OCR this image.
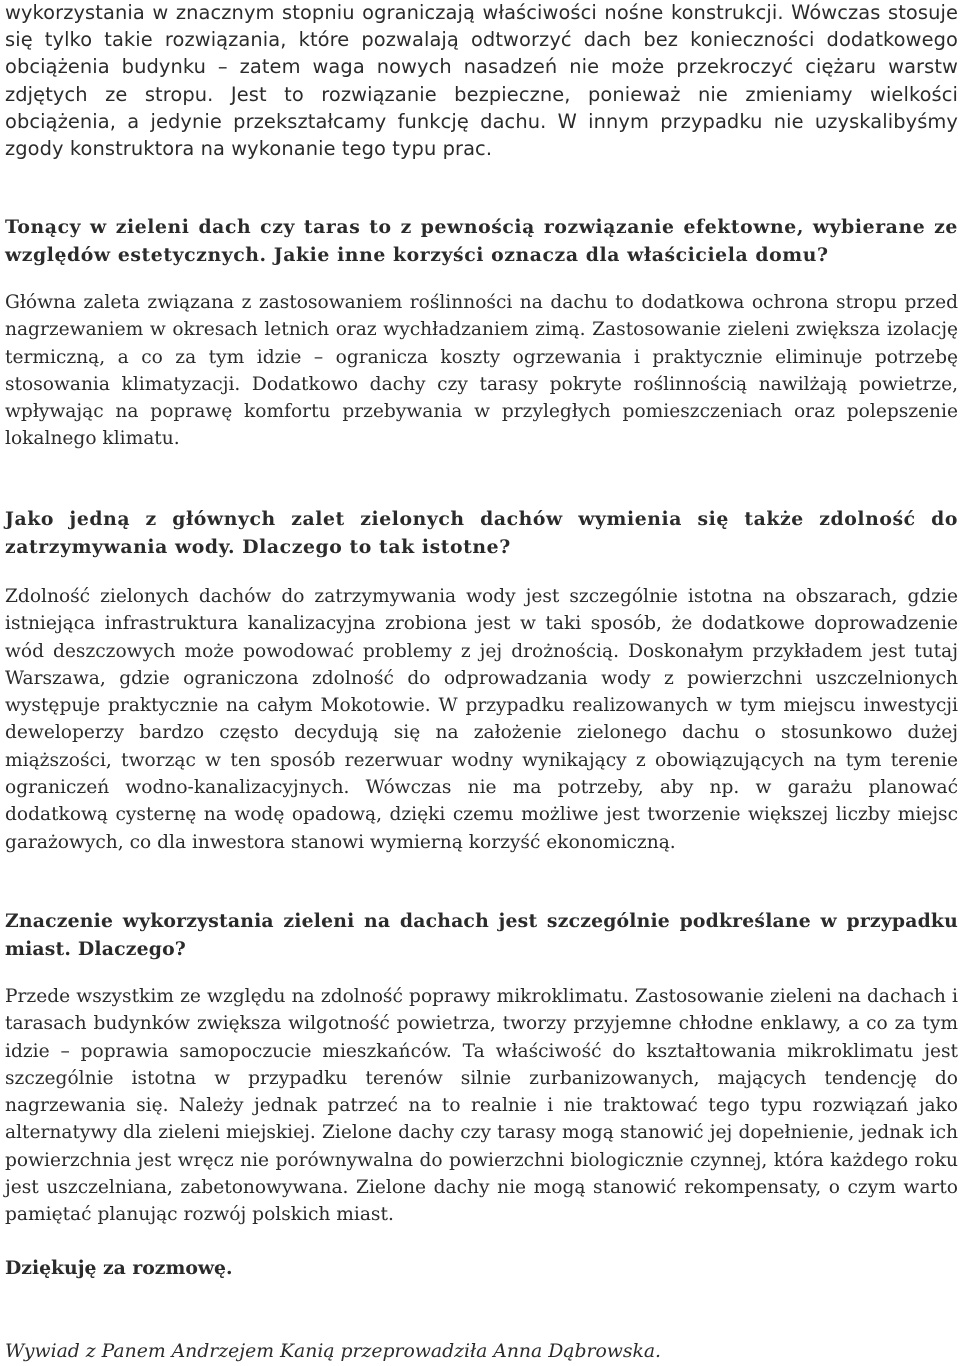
wykorzystania w znacznym stopniu ograniczają właściwości nośne konstrukcji. Wówczas stosuje się tylko takie rozwiązania, które pozwalają odtworzyć dach bez konieczności dodatkowego obciążenia budynku – zatem waga nowych nasadzeń nie może przekroczyć ciężaru warstw zdjętych ze stropu. Jest to rozwiązanie bezpieczne, ponieważ nie zmieniamy wielkości obciążenia, a jedynie przekształcamy funkcję dachu. W innym przypadku nie uzyskalibyśmy zgody konstruktora na wykonanie tego typu prac.

Tonący w zieleni dach czy taras to z pewnością rozwiązanie efektowne, wybierane ze względów estetycznych. Jakie inne korzyści oznacza dla właściciela domu?

Główna zaleta związana z zastosowaniem roślinności na dachu to dodatkowa ochrona stropu przed nagrzewaniem w okresach letnich oraz wychładzaniem zimą. Zastosowanie zieleni zwiększa izolację termiczną, a co za tym idzie – ogranicza koszty ogrzewania i praktycznie eliminuje potrzebę stosowania klimatyzacji. Dodatkowo dachy czy tarasy pokryte roślinnością nawilżają powietrze, wpływając na poprawę komfortu przebywania w przyległych pomieszczeniach oraz polepszenie lokalnego klimatu.

Jako jedną z głównych zalet zielonych dachów wymienia się także zdolność do zatrzymywania wody. Dlaczego to tak istotne?

Zdolność zielonych dachów do zatrzymywania wody jest szczególnie istotna na obszarach, gdzie istniejąca infrastruktura kanalizacyjna zrobiona jest w taki sposób, że dodatkowe doprowadzenie wód deszczowych może powodować problemy z jej drożnością. Doskonałym przykładem jest tutaj Warszawa, gdzie ograniczona zdolność do odprowadzania wody z powierzchni uszczelnionych występuje praktycznie na całym Mokotowie. W przypadku realizowanych w tym miejscu inwestycji deweloperzy bardzo często decydują się na założenie zielonego dachu o stosunkowo dużej miąższości, tworząc w ten sposób rezerwuar wodny wynikający z obowiązujących na tym terenie ograniczeń wodno-kanalizacyjnych. Wówczas nie ma potrzeby, aby np. w garażu planować dodatkową cysternę na wodę opadową, dzięki czemu możliwe jest tworzenie większej liczby miejsc garażowych, co dla inwestora stanowi wymierną korzyść ekonomiczną.

Znaczenie wykorzystania zieleni na dachach jest szczególnie podkreślane w przypadku miast. Dlaczego?

Przede wszystkim ze względu na zdolność poprawy mikroklimatu. Zastosowanie zieleni na dachach i tarasach budynków zwiększa wilgotność powietrza, tworzy przyjemne chłodne enklawy, a co za tym idzie – poprawia samopoczucie mieszkańców. Ta właściwość do kształtowania mikroklimatu jest szczególnie istotna w przypadku terenów silnie zurbanizowanych, mających tendencję do nagrzewania się. Należy jednak patrzeć na to realnie i nie traktować tego typu rozwiązań jako alternatywy dla zieleni miejskiej. Zielone dachy czy tarasy mogą stanowić jej dopełnienie, jednak ich powierzchnia jest wręcz nie porównywalna do powierzchni biologicznie czynnej, która każdego roku jest uszczelniana, zabetonowywana. Zielone dachy nie mogą stanowić rekompensaty, o czym warto pamiętać planując rozwój polskich miast.

Dziękuję za rozmowę.

Wywiad z Panem Andrzejem Kanią przeprowadziła Anna Dąbrowska.
